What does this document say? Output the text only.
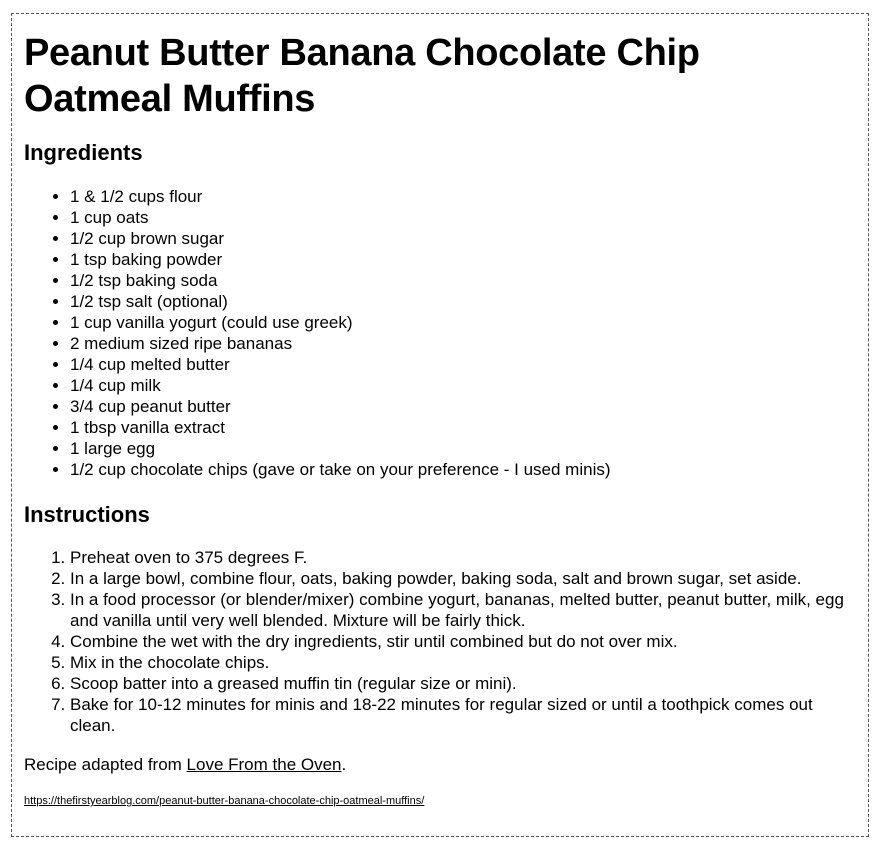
Peanut Butter Banana Chocolate Chip Oatmeal Muffins
Ingredients
• 1 & 1/2 cups flour
• 1 cup oats
• 1/2 cup brown sugar
• 1 tsp baking powder
• 1/2 tsp baking soda
• 1/2 tsp salt (optional)
• 1 cup vanilla yogurt (could use greek)
• 2 medium sized ripe bananas
• 1/4 cup melted butter
• 1/4 cup milk
• 3/4 cup peanut butter
• 1 tbsp vanilla extract
• 1 large egg
• 1/2 cup chocolate chips (gave or take on your preference - I used minis)
Instructions
1. Preheat oven to 375 degrees F.
2. In a large bowl, combine flour, oats, baking powder, baking soda, salt and brown sugar, set aside.
3. In a food processor (or blender/mixer) combine yogurt, bananas, melted butter, peanut butter, milk, egg and vanilla until very well blended. Mixture will be fairly thick.
4. Combine the wet with the dry ingredients, stir until combined but do not over mix.
5. Mix in the chocolate chips.
6. Scoop batter into a greased muffin tin (regular size or mini).
7. Bake for 10-12 minutes for minis and 18-22 minutes for regular sized or until a toothpick comes out clean.

Recipe adapted from Love From the Oven.

https://thefirstyearblog.com/peanut-butter-banana-chocolate-chip-oatmeal-muffins/
